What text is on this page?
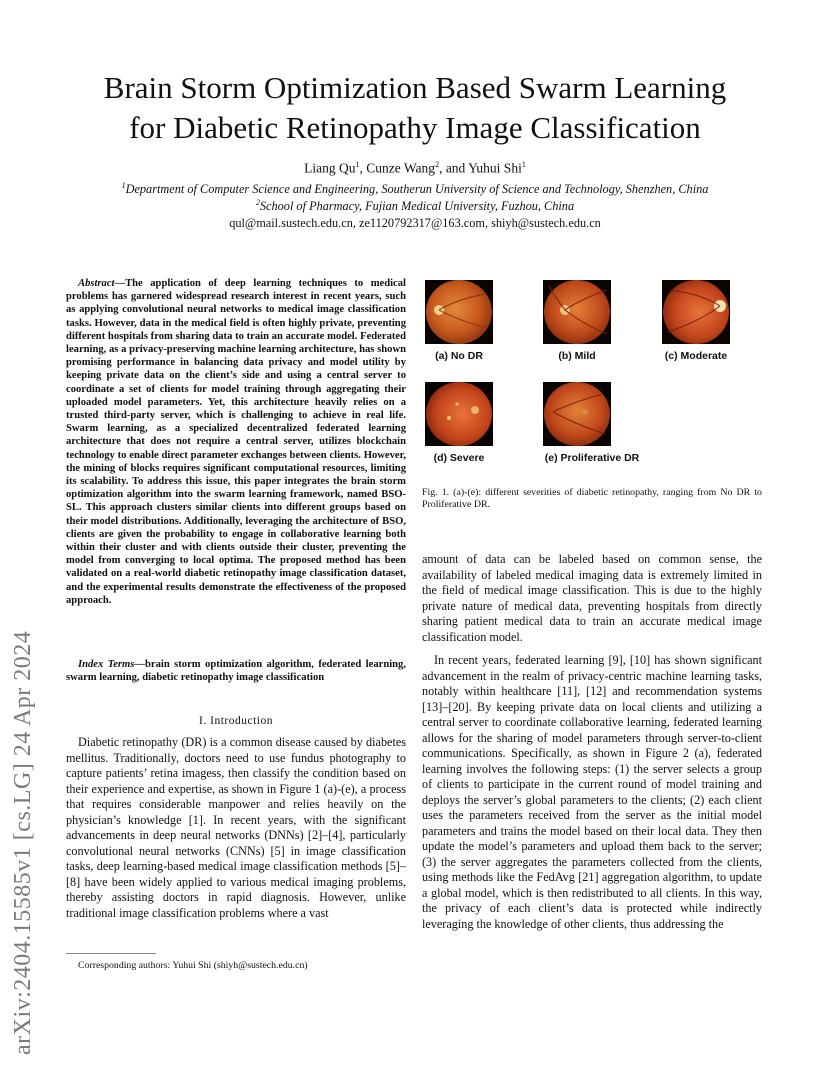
arXiv:2404.15585v1 [cs.LG] 24 Apr 2024
Brain Storm Optimization Based Swarm Learning
for Diabetic Retinopathy Image Classification
Liang Qu$^1$, Cunze Wang$^2$, and Yuhui Shi$^1$
$^1$Department of Computer Science and Engineering, Southerun University of Science and Technology, Shenzhen, China
$^2$School of Pharmacy, Fujian Medical University, Fuzhou, China
qul@mail.sustech.edu.cn, ze1120792317@163.com, shiyh@sustech.edu.cn
Abstract—The application of deep learning techniques to medical problems has garnered widespread research interest in recent years, such as applying convolutional neural networks to medical image classification tasks. However, data in the medical field is often highly private, preventing different hospitals from sharing data to train an accurate model. Federated learning, as a privacy-preserving machine learning architecture, has shown promising performance in balancing data privacy and model utility by keeping private data on the client’s side and using a central server to coordinate a set of clients for model training through aggregating their uploaded model parameters. Yet, this architecture heavily relies on a trusted third-party server, which is challenging to achieve in real life. Swarm learning, as a specialized decentralized federated learning architecture that does not require a central server, utilizes blockchain technology to enable direct parameter exchanges between clients. However, the mining of blocks requires significant computational resources, limiting its scalability. To address this issue, this paper integrates the brain storm optimization algorithm into the swarm learning framework, named BSO-SL. This approach clusters similar clients into different groups based on their model distributions. Additionally, leveraging the architecture of BSO, clients are given the probability to engage in collaborative learning both within their cluster and with clients outside their cluster, preventing the model from converging to local optima. The proposed method has been validated on a real-world diabetic retinopathy image classification dataset, and the experimental results demonstrate the effectiveness of the proposed approach.
Index Terms—brain storm optimization algorithm, federated learning, swarm learning, diabetic retinopathy image classification
I. Introduction

Diabetic retinopathy (DR) is a common disease caused by diabetes mellitus. Traditionally, doctors need to use fundus photography to capture patients’ retina imagess, then classify the condition based on their experience and expertise, as shown in Figure 1 (a)-(e), a process that requires considerable manpower and relies heavily on the physician’s knowledge [1]. In recent years, with the significant advancements in deep neural networks (DNNs) [2]–[4], particularly convolutional neural networks (CNNs) [5] in image classification tasks, deep learning-based medical image classification methods [5]–[8] have been widely applied to various medical imaging problems, thereby assisting doctors in rapid diagnosis. However, unlike traditional image classification problems where a vast

Corresponding authors: Yuhui Shi (shiyh@sustech.edu.cn)
(a) No DR	(b) Mild	(c) Moderate
(d) Severe	(e) Proliferative DR
Fig. 1. (a)-(e): different severities of diabetic retinopathy, ranging from No DR to Proliferative DR.
amount of data can be labeled based on common sense, the availability of labeled medical imaging data is extremely limited in the field of medical image classification. This is due to the highly private nature of medical data, preventing hospitals from directly sharing patient medical data to train an accurate medical image classification model.
In recent years, federated learning [9], [10] has shown significant advancement in the realm of privacy-centric machine learning tasks, notably within healthcare [11], [12] and recommendation systems [13]–[20]. By keeping private data on local clients and utilizing a central server to coordinate collaborative learning, federated learning allows for the sharing of model parameters through server-to-client communications. Specifically, as shown in Figure 2 (a), federated learning involves the following steps: (1) the server selects a group of clients to participate in the current round of model training and deploys the server’s global parameters to the clients; (2) each client uses the parameters received from the server as the initial model parameters and trains the model based on their local data. They then update the model’s parameters and upload them back to the server; (3) the server aggregates the parameters collected from the clients, using methods like the FedAvg [21] aggregation algorithm, to update a global model, which is then redistributed to all clients. In this way, the privacy of each client’s data is protected while indirectly leveraging the knowledge of other clients, thus addressing the
